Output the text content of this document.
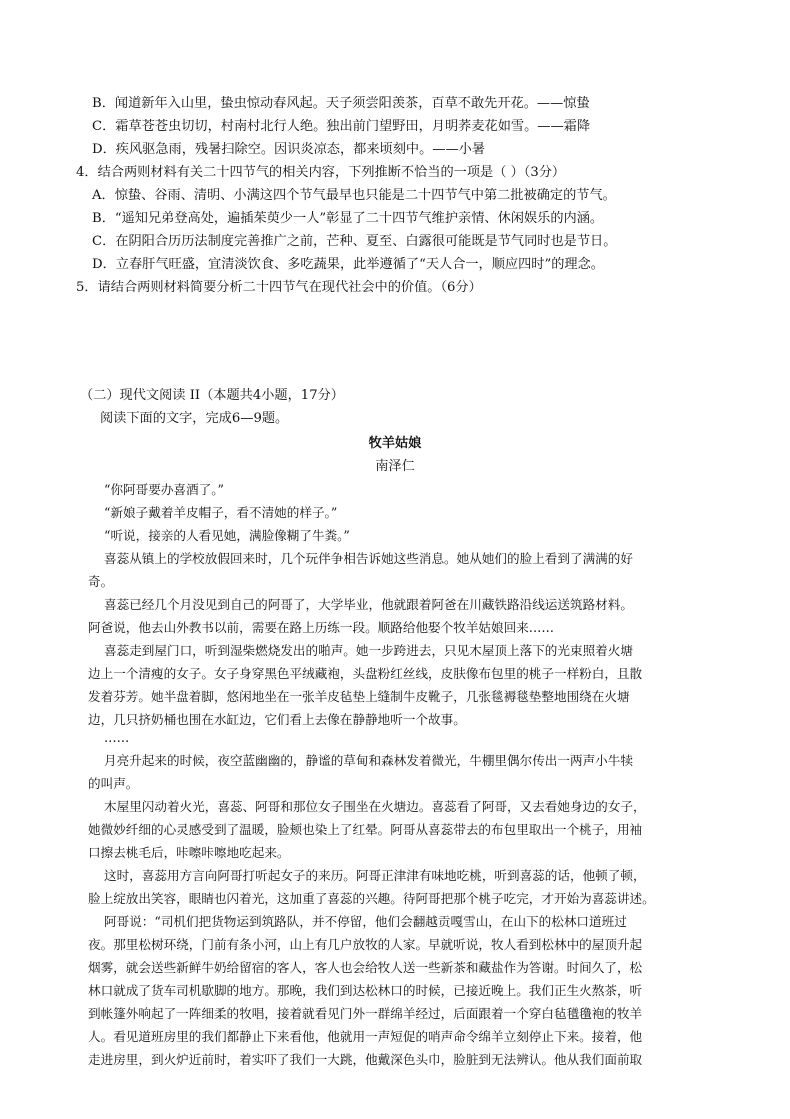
B．闻道新年入山里，蛰虫惊动春风起。天子须尝阳羡茶，百草不敢先开花。——惊蛰
C．霜草苍苍虫切切，村南村北行人绝。独出前门望野田，月明荞麦花如雪。——霜降
D．疾风驱急雨，残暑扫除空。因识炎凉态，都来顷刻中。——小暑
4．结合两则材料有关二十四节气的相关内容，下列推断不恰当的一项是（ ）（3分）
A．惊蛰、谷雨、清明、小满这四个节气最早也只能是二十四节气中第二批被确定的节气。
B．“遥知兄弟登高处，遍插茱萸少一人”彰显了二十四节气维护亲情、休闲娱乐的内涵。
C．在阴阳合历历法制度完善推广之前，芒种、夏至、白露很可能既是节气同时也是节日。
D．立春肝气旺盛，宜清淡饮食、多吃蔬果，此举遵循了“天人合一，顺应四时”的理念。
5．请结合两则材料简要分析二十四节气在现代社会中的价值。（6分）
（二）现代文阅读 II（本题共4小题，17分）
阅读下面的文字，完成6—9题。
牧羊姑娘
南泽仁
“你阿哥要办喜酒了。”
“新娘子戴着羊皮帽子，看不清她的样子。”
“听说，接亲的人看见她，满脸像糊了牛粪。”
喜蕊从镇上的学校放假回来时，几个玩伴争相告诉她这些消息。她从她们的脸上看到了满满的好
奇。
喜蕊已经几个月没见到自己的阿哥了，大学毕业，他就跟着阿爸在川藏铁路沿线运送筑路材料。
阿爸说，他去山外教书以前，需要在路上历练一段。顺路给他娶个牧羊姑娘回来……
喜蕊走到屋门口，听到湿柴燃烧发出的啪声。她一步跨进去，只见木屋顶上落下的光束照着火塘
边上一个清瘦的女子。女子身穿黑色平绒藏袍，头盘粉红丝线，皮肤像布包里的桃子一样粉白，且散
发着芬芳。她半盘着脚，悠闲地坐在一张羊皮毡垫上缝制牛皮靴子，几张毯褥毯垫整地围绕在火塘
边，几只挤奶桶也围在水缸边，它们看上去像在静静地听一个故事。
……
月亮升起来的时候，夜空蓝幽幽的，静谧的草甸和森林发着微光，牛棚里偶尔传出一两声小牛犊
的叫声。
木屋里闪动着火光，喜蕊、阿哥和那位女子围坐在火塘边。喜蕊看了阿哥，又去看她身边的女子，
她微妙纤细的心灵感受到了温暖，脸颊也染上了红晕。阿哥从喜蕊带去的布包里取出一个桃子，用袖
口擦去桃毛后，咔嚓咔嚓地吃起来。
这时，喜蕊用方言向阿哥打听起女子的来历。阿哥正津津有味地吃桃，听到喜蕊的话，他顿了顿，
脸上绽放出笑容，眼睛也闪着光，这加重了喜蕊的兴趣。待阿哥把那个桃子吃完，才开始为喜蕊讲述。
阿哥说：“司机们把货物运到筑路队，并不停留，他们会翻越贡嘎雪山，在山下的松林口道班过
夜。那里松树环绕，门前有条小河，山上有几户放牧的人家。早就听说，牧人看到松林中的屋顶升起
烟雾，就会送些新鲜牛奶给留宿的客人，客人也会给牧人送一些新茶和藏盐作为答谢。时间久了，松
林口就成了货车司机歇脚的地方。那晚，我们到达松林口的时候，已接近晚上。我们正生火熬茶，听
到帐篷外响起了一阵细柔的牧唱，接着就看见门外一群绵羊经过，后面跟着一个穿白毡氆氇袍的牧羊
人。看见道班房里的我们都静止下来看他，他就用一声短促的哨声命令绵羊立刻停止下来。接着，他
走进房里，到火炉近前时，着实吓了我们一大跳，他戴深色头巾，脸脏到无法辨认。他从我们面前取
